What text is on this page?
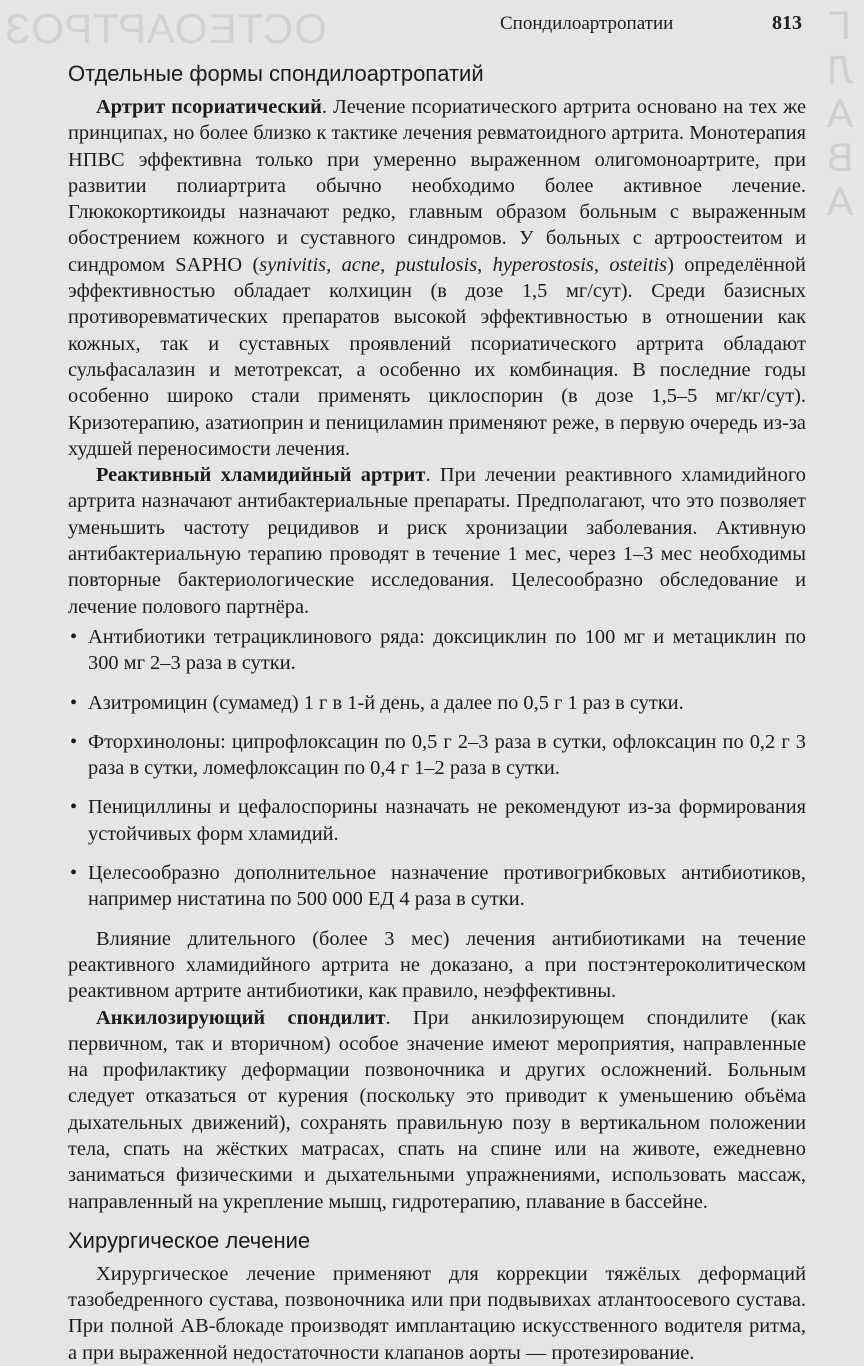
ОСТЕОАРТРОЗ	ГЛАВА
Спондилоартропатии	813
Отдельные формы спондилоартропатий

Артрит псориатический. Лечение псориатического артрита основано на тех же принципах, но более близко к тактике лечения ревматоидного артрита. Монотерапия НПВС эффективна только при умеренно выраженном олигомоноартрите, при развитии полиартрита обычно необходимо более активное лечение. Глюкокортикоиды назначают редко, главным образом больным с выраженным обострением кожного и суставного синдромов. У больных с артроостеитом и синдромом SAPHO (synivitis, acne, pustulosis, hyperostosis, osteitis) определённой эффективностью обладает колхицин (в дозе 1,5 мг/сут). Среди базисных противоревматических препаратов высокой эффективностью в отношении как кожных, так и суставных проявлений псориатического артрита обладают сульфасалазин и метотрексат, а особенно их комбинация. В последние годы особенно широко стали применять циклоспорин (в дозе 1,5–5 мг/кг/сут). Кризотерапию, азатиоприн и пенициламин применяют реже, в первую очередь из-за худшей переносимости лечения.

Реактивный хламидийный артрит. При лечении реактивного хламидийного артрита назначают антибактериальные препараты. Предполагают, что это позволяет уменьшить частоту рецидивов и риск хронизации заболевания. Активную антибактериальную терапию проводят в течение 1 мес, через 1–3 мес необходимы повторные бактериологические исследования. Целесообразно обследование и лечение полового партнёра.

• Антибиотики тетрациклинового ряда: доксициклин по 100 мг и метациклин по 300 мг 2–3 раза в сутки.
• Азитромицин (сумамед) 1 г в 1-й день, а далее по 0,5 г 1 раз в сутки.
• Фторхинолоны: ципрофлоксацин по 0,5 г 2–3 раза в сутки, офлоксацин по 0,2 г 3 раза в сутки, ломефлоксацин по 0,4 г 1–2 раза в сутки.
• Пенициллины и цефалоспорины назначать не рекомендуют из-за формирования устойчивых форм хламидий.
• Целесообразно дополнительное назначение противогрибковых антибиотиков, например нистатина по 500 000 ЕД 4 раза в сутки.

Влияние длительного (более 3 мес) лечения антибиотиками на течение реактивного хламидийного артрита не доказано, а при постэнтероколитическом реактивном артрите антибиотики, как правило, неэффективны.

Анкилозирующий спондилит. При анкилозирующем спондилите (как первичном, так и вторичном) особое значение имеют мероприятия, направленные на профилактику деформации позвоночника и других осложнений. Больным следует отказаться от курения (поскольку это приводит к уменьшению объёма дыхательных движений), сохранять правильную позу в вертикальном положении тела, спать на жёстких матрасах, спать на спине или на животе, ежедневно заниматься физическими и дыхательными упражнениями, использовать массаж, направленный на укрепление мышц, гидротерапию, плавание в бассейне.

Хирургическое лечение

Хирургическое лечение применяют для коррекции тяжёлых деформаций тазобедренного сустава, позвоночника или при подвывихах атлантоосевого сустава. При полной АВ-блокаде производят имплантацию искусственного водителя ритма, а при выраженной недостаточности клапанов аорты — протезирование.
